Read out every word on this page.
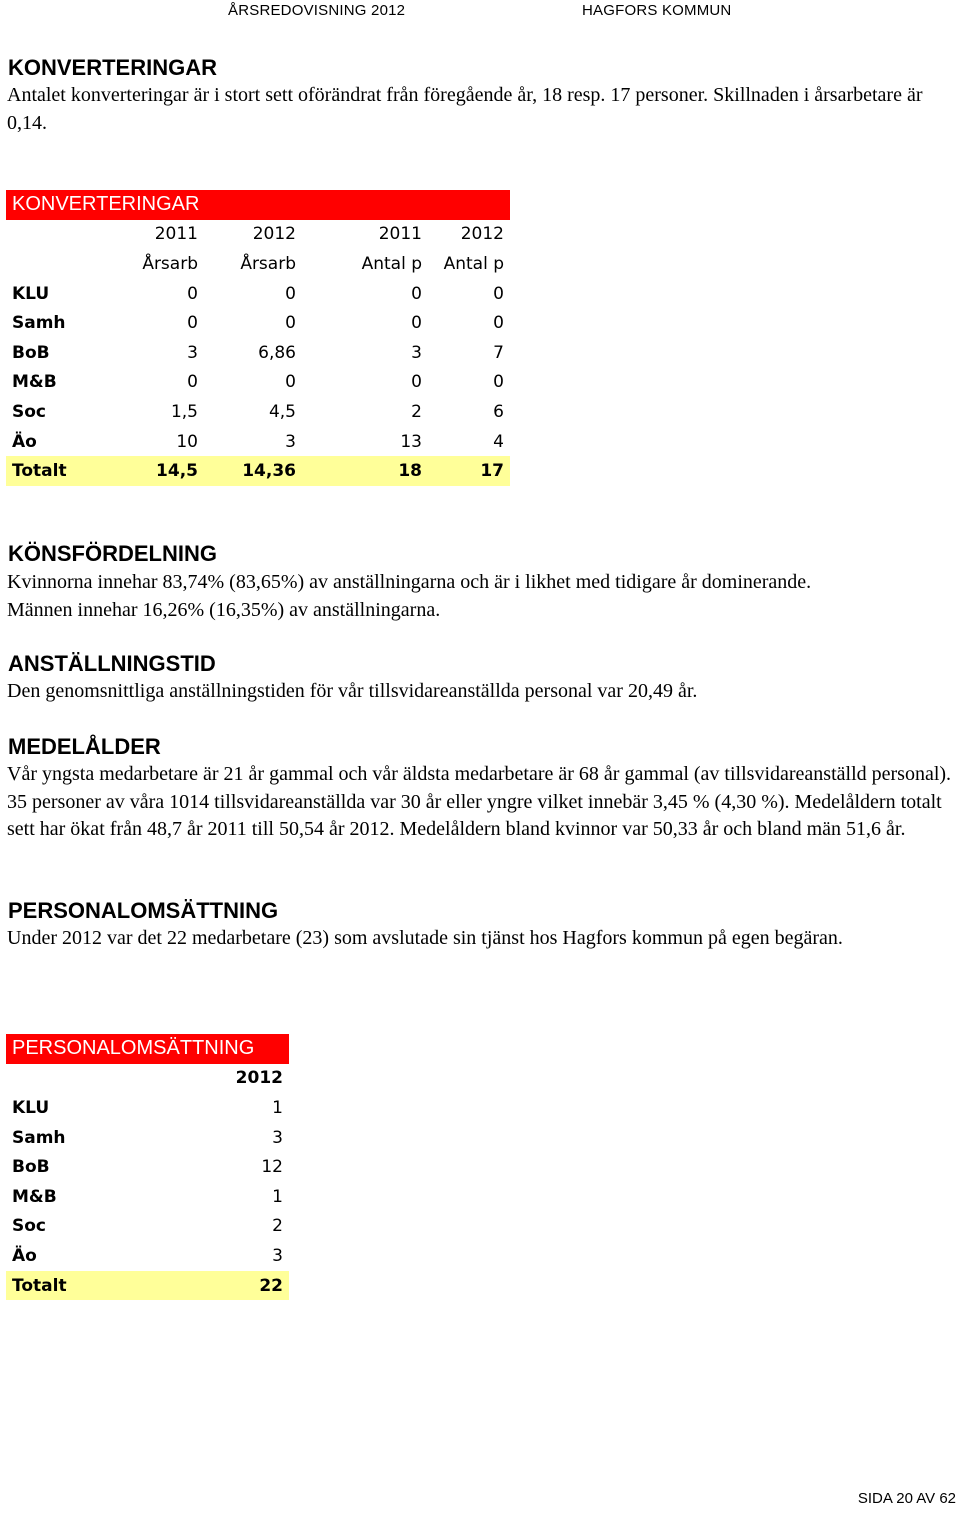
ÅRSREDOVISNING 2012	HAGFORS KOMMUN
KONVERTERINGAR

Antalet konverteringar är i stort sett oförändrat från föregående år, 18 resp. 17 personer. Skillnaden i årsarbetare är 0,14.

KONVERTERINGAR				
	2011	2012	2011	2012
	Årsarb	Årsarb	Antal p	Antal p
KLU	0	0	0	0
Samh	0	0	0	0
BoB	3	6,86	3	7
M&B	0	0	0	0
Soc	1,5	4,5	2	6
Äo	10	3	13	4
Totalt	14,5	14,36	18	17
KÖNSFÖRDELNING

Kvinnorna innehar 83,74% (83,65%) av anställningarna och är i likhet med tidigare år dominerande. Männen innehar 16,26% (16,35%) av anställningarna.

ANSTÄLLNINGSTID

Den genomsnittliga anställningstiden för vår tillsvidareanställda personal var 20,49 år.

MEDELÅLDER

Vår yngsta medarbetare är 21 år gammal och vår äldsta medarbetare är 68 år gammal (av tillsvidareanställd personal). 35 personer av våra 1014 tillsvidareanställda var 30 år eller yngre vilket innebär 3,45 % (4,30 %). Medelåldern totalt sett har ökat från 48,7 år 2011 till 50,54 år 2012. Medelåldern bland kvinnor var 50,33 år och bland män 51,6 år.

PERSONALOMSÄTTNING

Under 2012 var det 22 medarbetare (23) som avslutade sin tjänst hos Hagfors kommun på egen begäran.

PERSONALOMSÄTTNING	
	2012
KLU	1
Samh	3
BoB	12
M&B	1
Soc	2
Äo	3
Totalt	22
SIDA 20 AV 62
